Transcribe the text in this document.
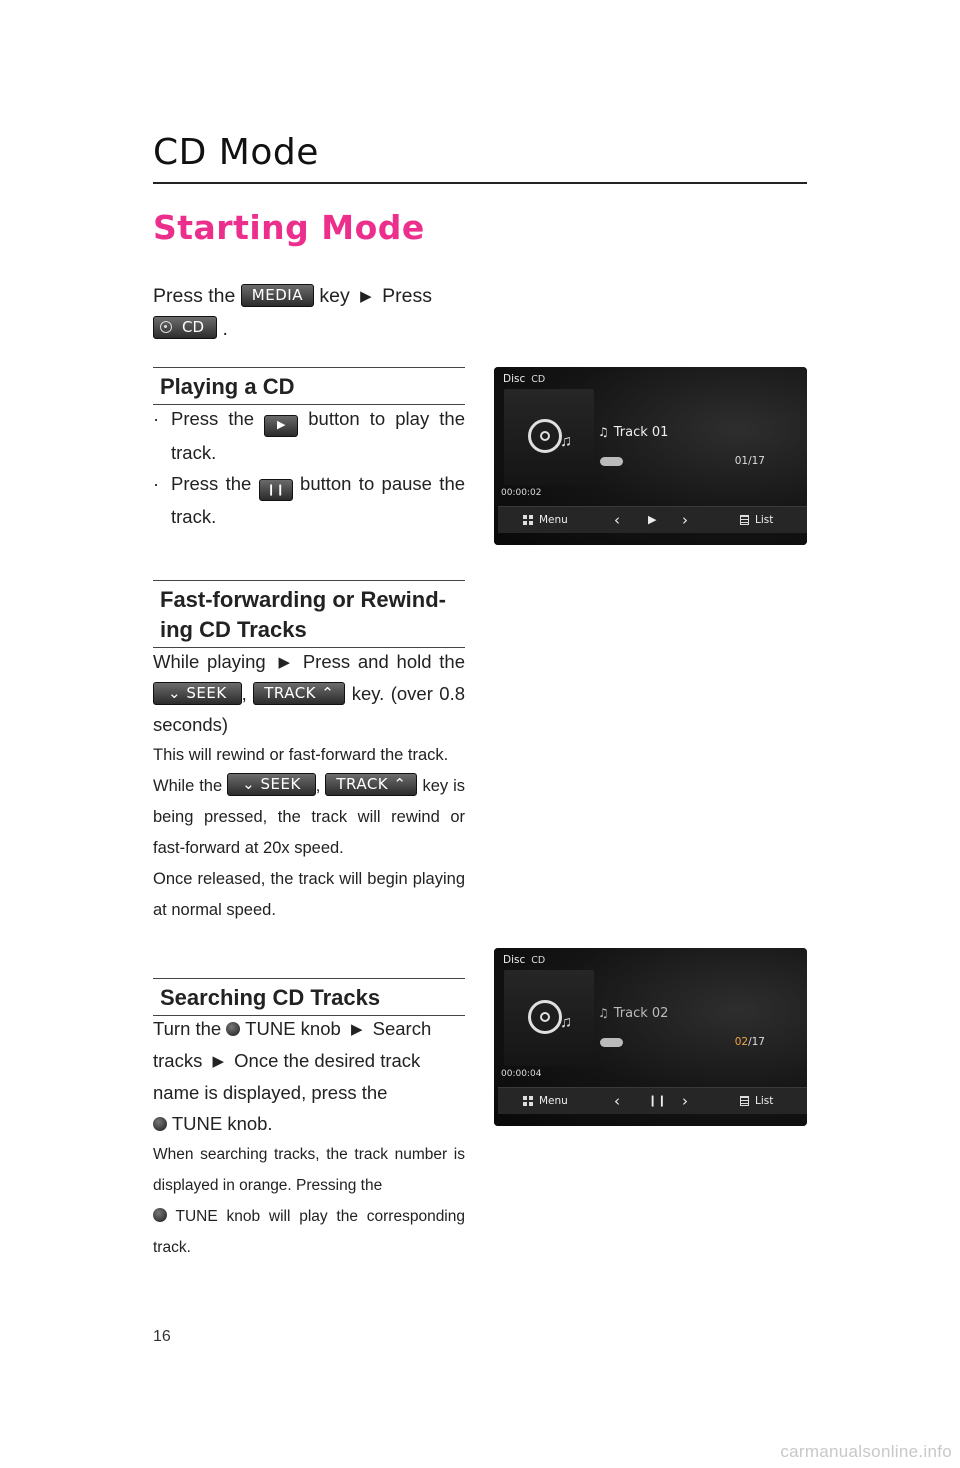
CD Mode
Starting Mode
Press the MEDIA key ▶ Press

CD .
Playing a CD
· Press the ▶ button to play the track.
· Press the ❙❙ button to pause the track.
Fast-forwarding or Rewind-
ing CD Tracks
While playing ▶ Press and hold the ⌄ SEEK , TRACK ⌃ key. (over 0.8 seconds)
This will rewind or fast-forward the track.
While the ⌄ SEEK , TRACK ⌃ key is being pressed, the track will rewind or fast-forward at 20x speed.
Once released, the track will begin playing at normal speed.
Searching CD Tracks
Turn the TUNE knob ▶ Search tracks ▶ Once the desired track name is displayed, press the
TUNE knob.
When searching tracks, the track number is displayed in orange. Pressing the
TUNE knob will play the corresponding track.
Disc CD
♫
♫ Track 01
01/17
00:00:02
Menu	‹	▶ ›	List
Disc CD
♫
♫ Track 02
02/17
00:00:04
Menu	‹	❙❙ ›	List
16
carmanualsonline.info
